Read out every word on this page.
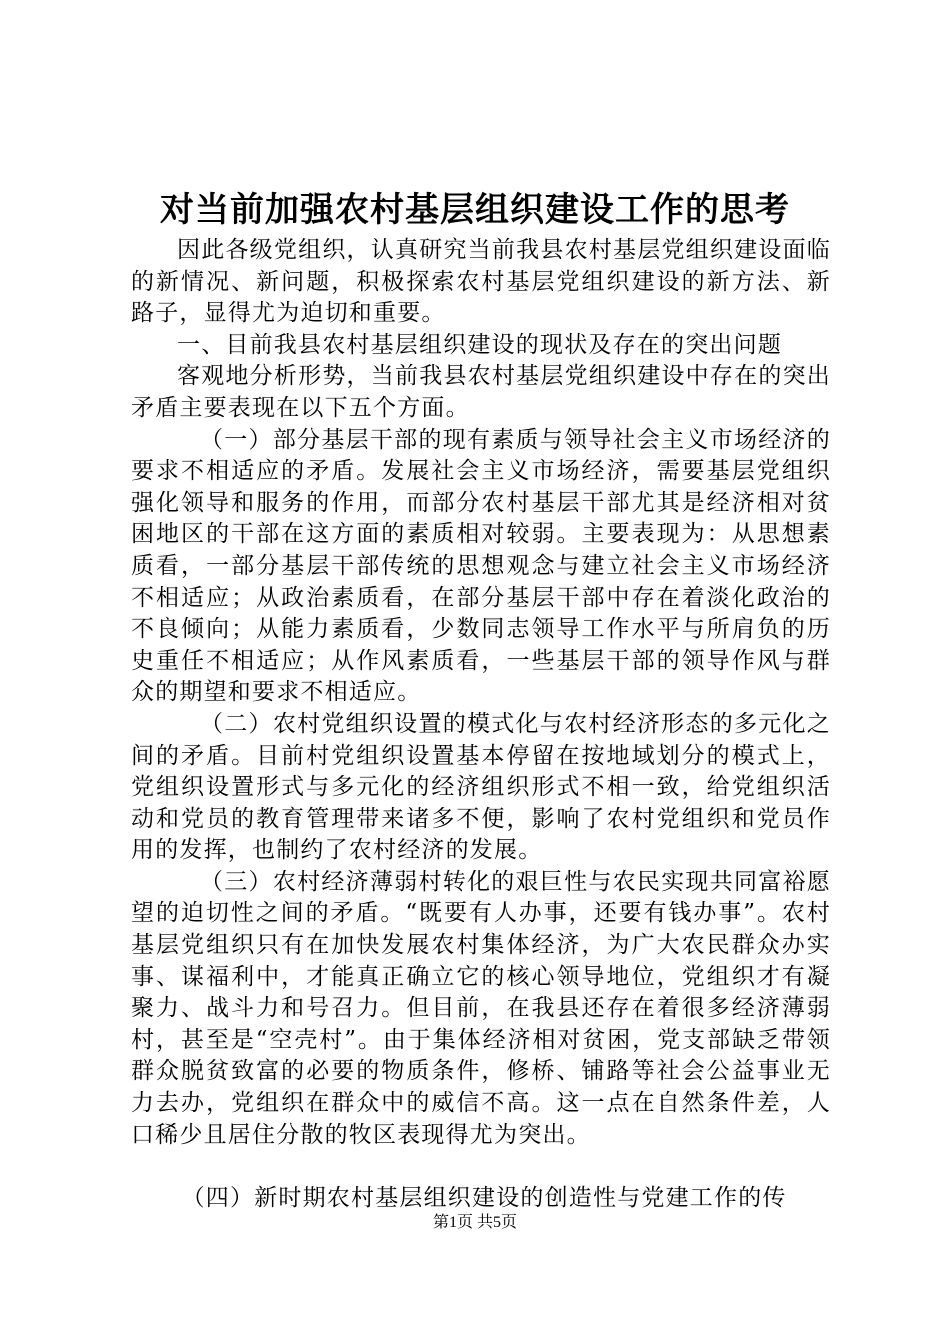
对当前加强农村基层组织建设工作的思考

因此各级党组织，认真研究当前我县农村基层党组织建设面临的新情况、新问题，积极探索农村基层党组织建设的新方法、新路子，显得尤为迫切和重要。

一、目前我县农村基层组织建设的现状及存在的突出问题

客观地分析形势，当前我县农村基层党组织建设中存在的突出矛盾主要表现在以下五个方面。

（一）部分基层干部的现有素质与领导社会主义市场经济的要求不相适应的矛盾。发展社会主义市场经济，需要基层党组织强化领导和服务的作用，而部分农村基层干部尤其是经济相对贫困地区的干部在这方面的素质相对较弱。主要表现为：从思想素质看，一部分基层干部传统的思想观念与建立社会主义市场经济不相适应；从政治素质看，在部分基层干部中存在着淡化政治的不良倾向；从能力素质看，少数同志领导工作水平与所肩负的历史重任不相适应；从作风素质看，一些基层干部的领导作风与群众的期望和要求不相适应。

（二）农村党组织设置的模式化与农村经济形态的多元化之间的矛盾。目前村党组织设置基本停留在按地域划分的模式上，党组织设置形式与多元化的经济组织形式不相一致，给党组织活动和党员的教育管理带来诸多不便，影响了农村党组织和党员作用的发挥，也制约了农村经济的发展。

（三）农村经济薄弱村转化的艰巨性与农民实现共同富裕愿望的迫切性之间的矛盾。“既要有人办事，还要有钱办事”。农村基层党组织只有在加快发展农村集体经济，为广大农民群众办实事、谋福利中，才能真正确立它的核心领导地位，党组织才有凝聚力、战斗力和号召力。但目前，在我县还存在着很多经济薄弱村，甚至是“空壳村”。由于集体经济相对贫困，党支部缺乏带领群众脱贫致富的必要的物质条件，修桥、铺路等社会公益事业无力去办，党组织在群众中的威信不高。这一点在自然条件差，人口稀少且居住分散的牧区表现得尤为突出。

（四）新时期农村基层组织建设的创造性与党建工作的传

第1页 共5页
